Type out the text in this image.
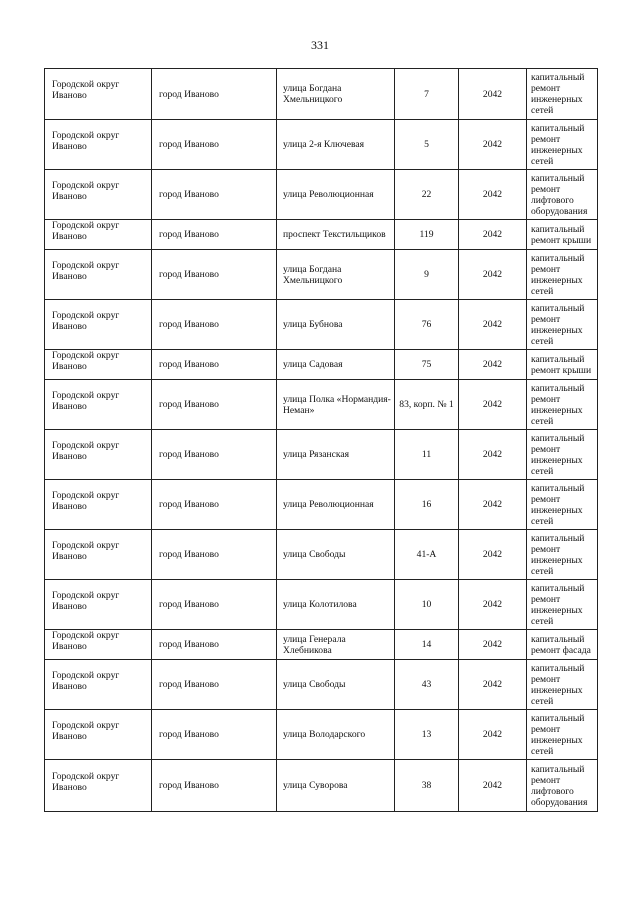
331
Городской округ Иваново	город Иваново	улица Богдана Хмельницкого	7	2042	капитальный ремонт инженерных сетей

Городской округ Иваново	город Иваново	улица 2-я Ключевая	5	2042	капитальный ремонт инженерных сетей

Городской округ Иваново	город Иваново	улица Революционная	22	2042	капитальный ремонт лифтового оборудования

Городской округ Иваново	город Иваново	проспект Текстильщиков	119	2042	капитальный ремонт крыши

Городской округ Иваново	город Иваново	улица Богдана Хмельницкого	9	2042	капитальный ремонт инженерных сетей

Городской округ Иваново	город Иваново	улица Бубнова	76	2042	капитальный ремонт инженерных сетей

Городской округ Иваново	город Иваново	улица Садовая	75	2042	капитальный ремонт крыши

Городской округ Иваново	город Иваново	улица Полка «Нормандия-Неман»	83, корп. № 1	2042	капитальный ремонт инженерных сетей

Городской округ Иваново	город Иваново	улица Рязанская	11	2042	капитальный ремонт инженерных сетей

Городской округ Иваново	город Иваново	улица Революционная	16	2042	капитальный ремонт инженерных сетей

Городской округ Иваново	город Иваново	улица Свободы	41-А	2042	капитальный ремонт инженерных сетей

Городской округ Иваново	город Иваново	улица Колотилова	10	2042	капитальный ремонт инженерных сетей

Городской округ Иваново	город Иваново	улица Генерала Хлебникова	14	2042	капитальный ремонт фасада

Городской округ Иваново	город Иваново	улица Свободы	43	2042	капитальный ремонт инженерных сетей

Городской округ Иваново	город Иваново	улица Володарского	13	2042	капитальный ремонт инженерных сетей

Городской округ Иваново	город Иваново	улица Суворова	38	2042	капитальный ремонт лифтового оборудования
